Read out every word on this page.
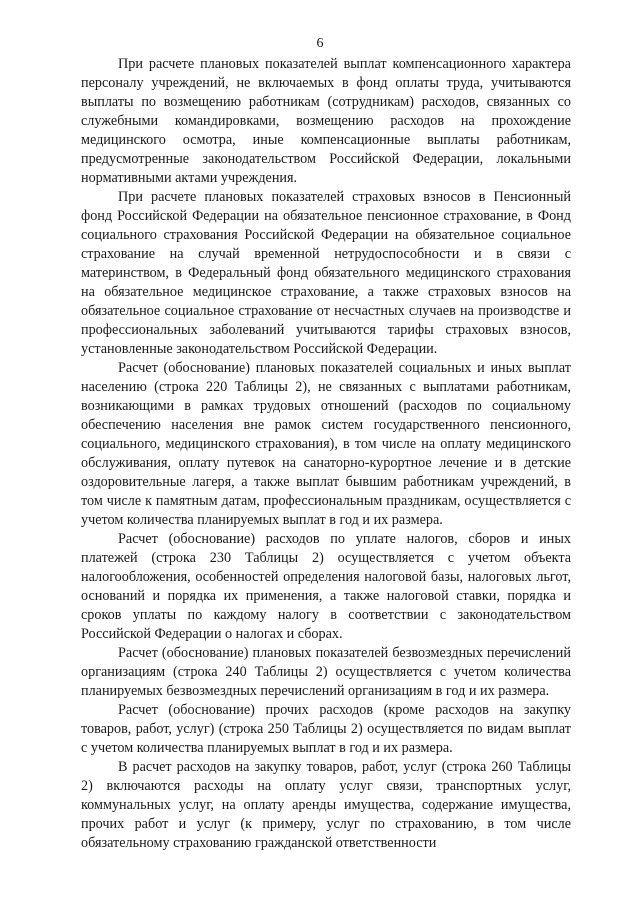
6

При расчете плановых показателей выплат компенсационного характера персоналу учреждений, не включаемых в фонд оплаты труда, учитываются выплаты по возмещению работникам (сотрудникам) расходов, связанных со служебными командировками, возмещению расходов на прохождение медицинского осмотра, иные компенсационные выплаты работникам, предусмотренные законодательством Российской Федерации, локальными нормативными актами учреждения.

При расчете плановых показателей страховых взносов в Пенсионный фонд Российской Федерации на обязательное пенсионное страхование, в Фонд социального страхования Российской Федерации на обязательное социальное страхование на случай временной нетрудоспособности и в связи с материнством, в Федеральный фонд обязательного медицинского страхования на обязательное медицинское страхование, а также страховых взносов на обязательное социальное страхование от несчастных случаев на производстве и профессиональных заболеваний учитываются тарифы страховых взносов, установленные законодательством Российской Федерации.

Расчет (обоснование) плановых показателей социальных и иных выплат населению (строка 220 Таблицы 2), не связанных с выплатами работникам, возникающими в рамках трудовых отношений (расходов по социальному обеспечению населения вне рамок систем государственного пенсионного, социального, медицинского страхования), в том числе на оплату медицинского обслуживания, оплату путевок на санаторно-курортное лечение и в детские оздоровительные лагеря, а также выплат бывшим работникам учреждений, в том числе к памятным датам, профессиональным праздникам, осуществляется с учетом количества планируемых выплат в год и их размера.

Расчет (обоснование) расходов по уплате налогов, сборов и иных платежей (строка 230 Таблицы 2) осуществляется с учетом объекта налогообложения, особенностей определения налоговой базы, налоговых льгот, оснований и порядка их применения, а также налоговой ставки, порядка и сроков уплаты по каждому налогу в соответствии с законодательством Российской Федерации о налогах и сборах.

Расчет (обоснование) плановых показателей безвозмездных перечислений организациям (строка 240 Таблицы 2) осуществляется с учетом количества планируемых безвозмездных перечислений организациям в год и их размера.

Расчет (обоснование) прочих расходов (кроме расходов на закупку товаров, работ, услуг) (строка 250 Таблицы 2) осуществляется по видам выплат с учетом количества планируемых выплат в год и их размера.

В расчет расходов на закупку товаров, работ, услуг (строка 260 Таблицы 2) включаются расходы на оплату услуг связи, транспортных услуг, коммунальных услуг, на оплату аренды имущества, содержание имущества, прочих работ и услуг (к примеру, услуг по страхованию, в том числе обязательному страхованию гражданской ответственности
